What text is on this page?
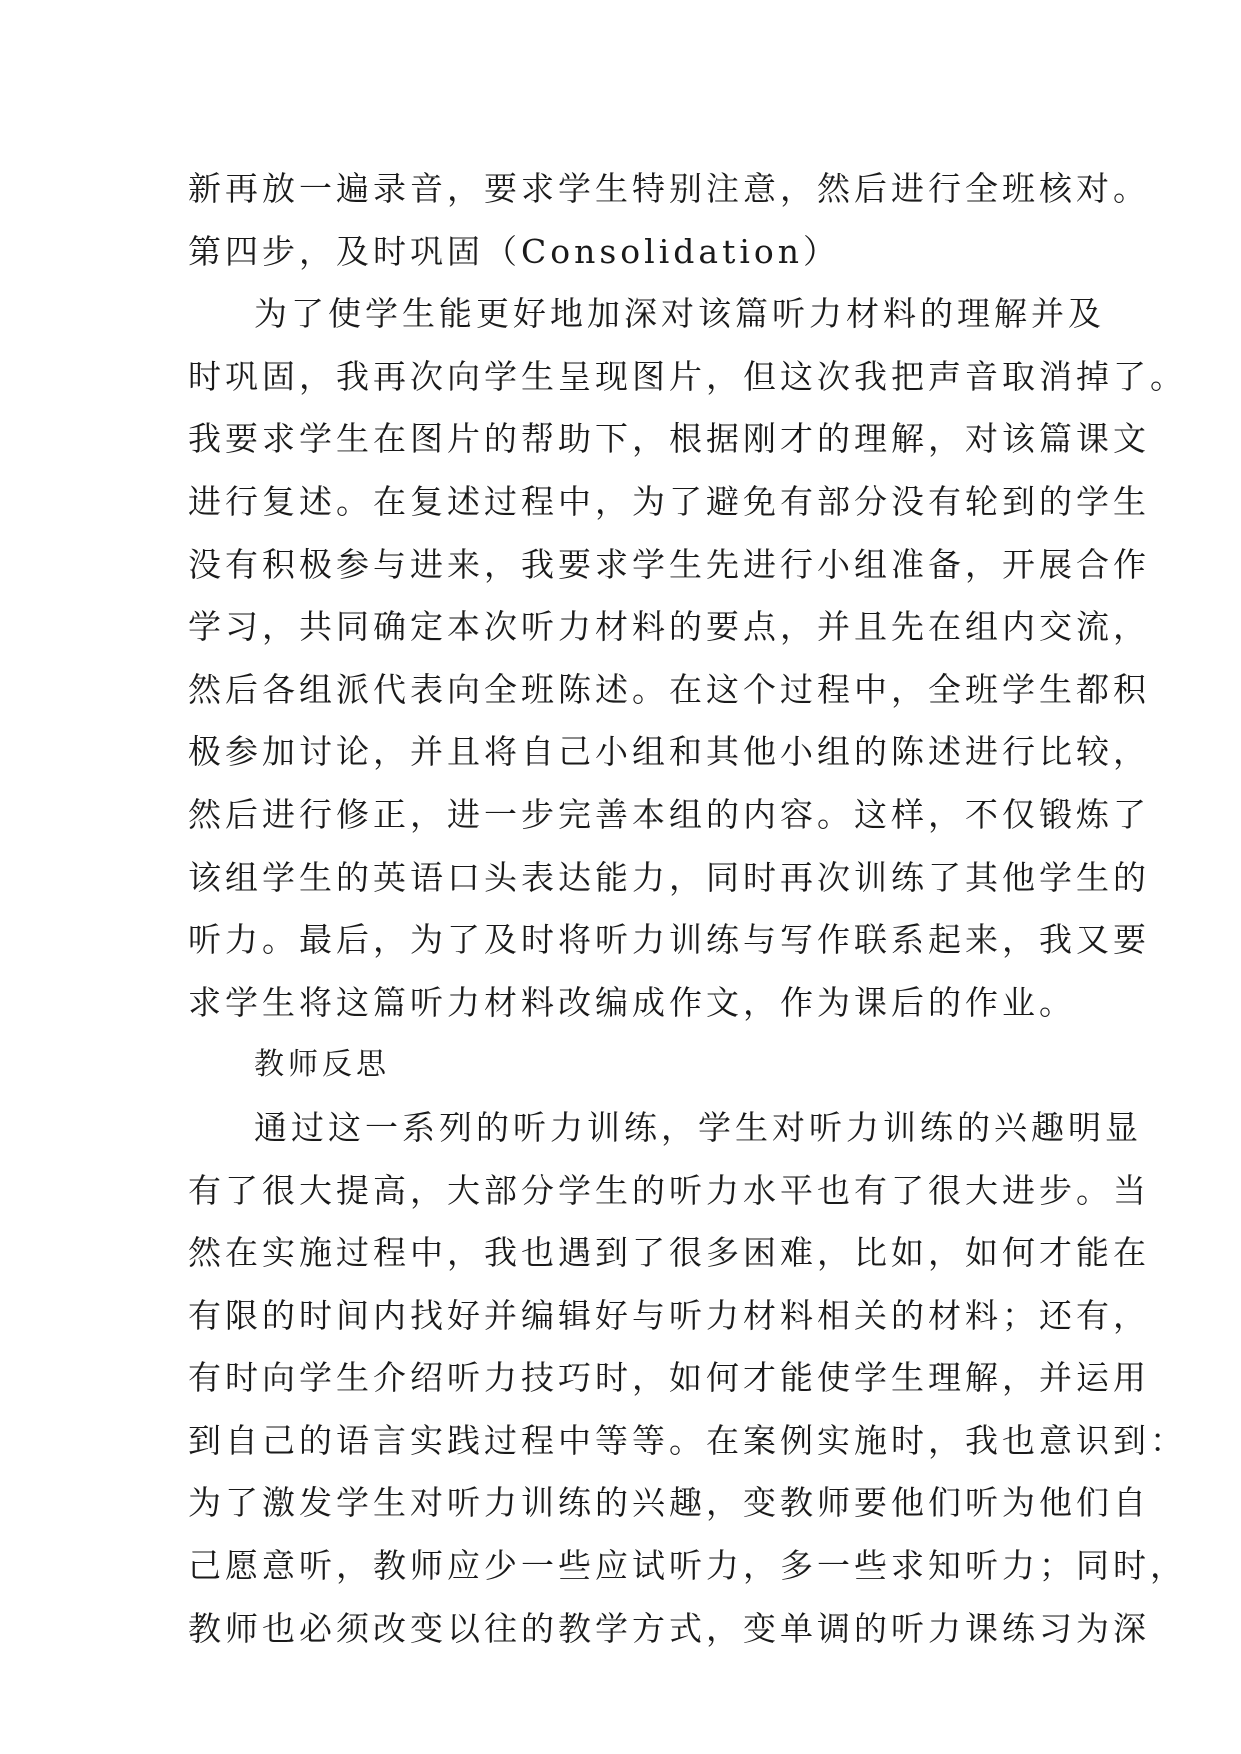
新再放一遍录音，要求学生特别注意，然后进行全班核对。
第四步，及时巩固（Consolidation）
为了使学生能更好地加深对该篇听力材料的理解并及
时巩固，我再次向学生呈现图片，但这次我把声音取消掉了。
我要求学生在图片的帮助下，根据刚才的理解，对该篇课文
进行复述。在复述过程中，为了避免有部分没有轮到的学生
没有积极参与进来，我要求学生先进行小组准备，开展合作
学习，共同确定本次听力材料的要点，并且先在组内交流，
然后各组派代表向全班陈述。在这个过程中，全班学生都积
极参加讨论，并且将自己小组和其他小组的陈述进行比较，
然后进行修正，进一步完善本组的内容。这样，不仅锻炼了
该组学生的英语口头表达能力，同时再次训练了其他学生的
听力。最后，为了及时将听力训练与写作联系起来，我又要
求学生将这篇听力材料改编成作文，作为课后的作业。
教师反思
通过这一系列的听力训练，学生对听力训练的兴趣明显
有了很大提高，大部分学生的听力水平也有了很大进步。当
然在实施过程中，我也遇到了很多困难，比如，如何才能在
有限的时间内找好并编辑好与听力材料相关的材料；还有，
有时向学生介绍听力技巧时，如何才能使学生理解，并运用
到自己的语言实践过程中等等。在案例实施时，我也意识到：
为了激发学生对听力训练的兴趣，变教师要他们听为他们自
己愿意听，教师应少一些应试听力，多一些求知听力；同时，
教师也必须改变以往的教学方式，变单调的听力课练习为深
